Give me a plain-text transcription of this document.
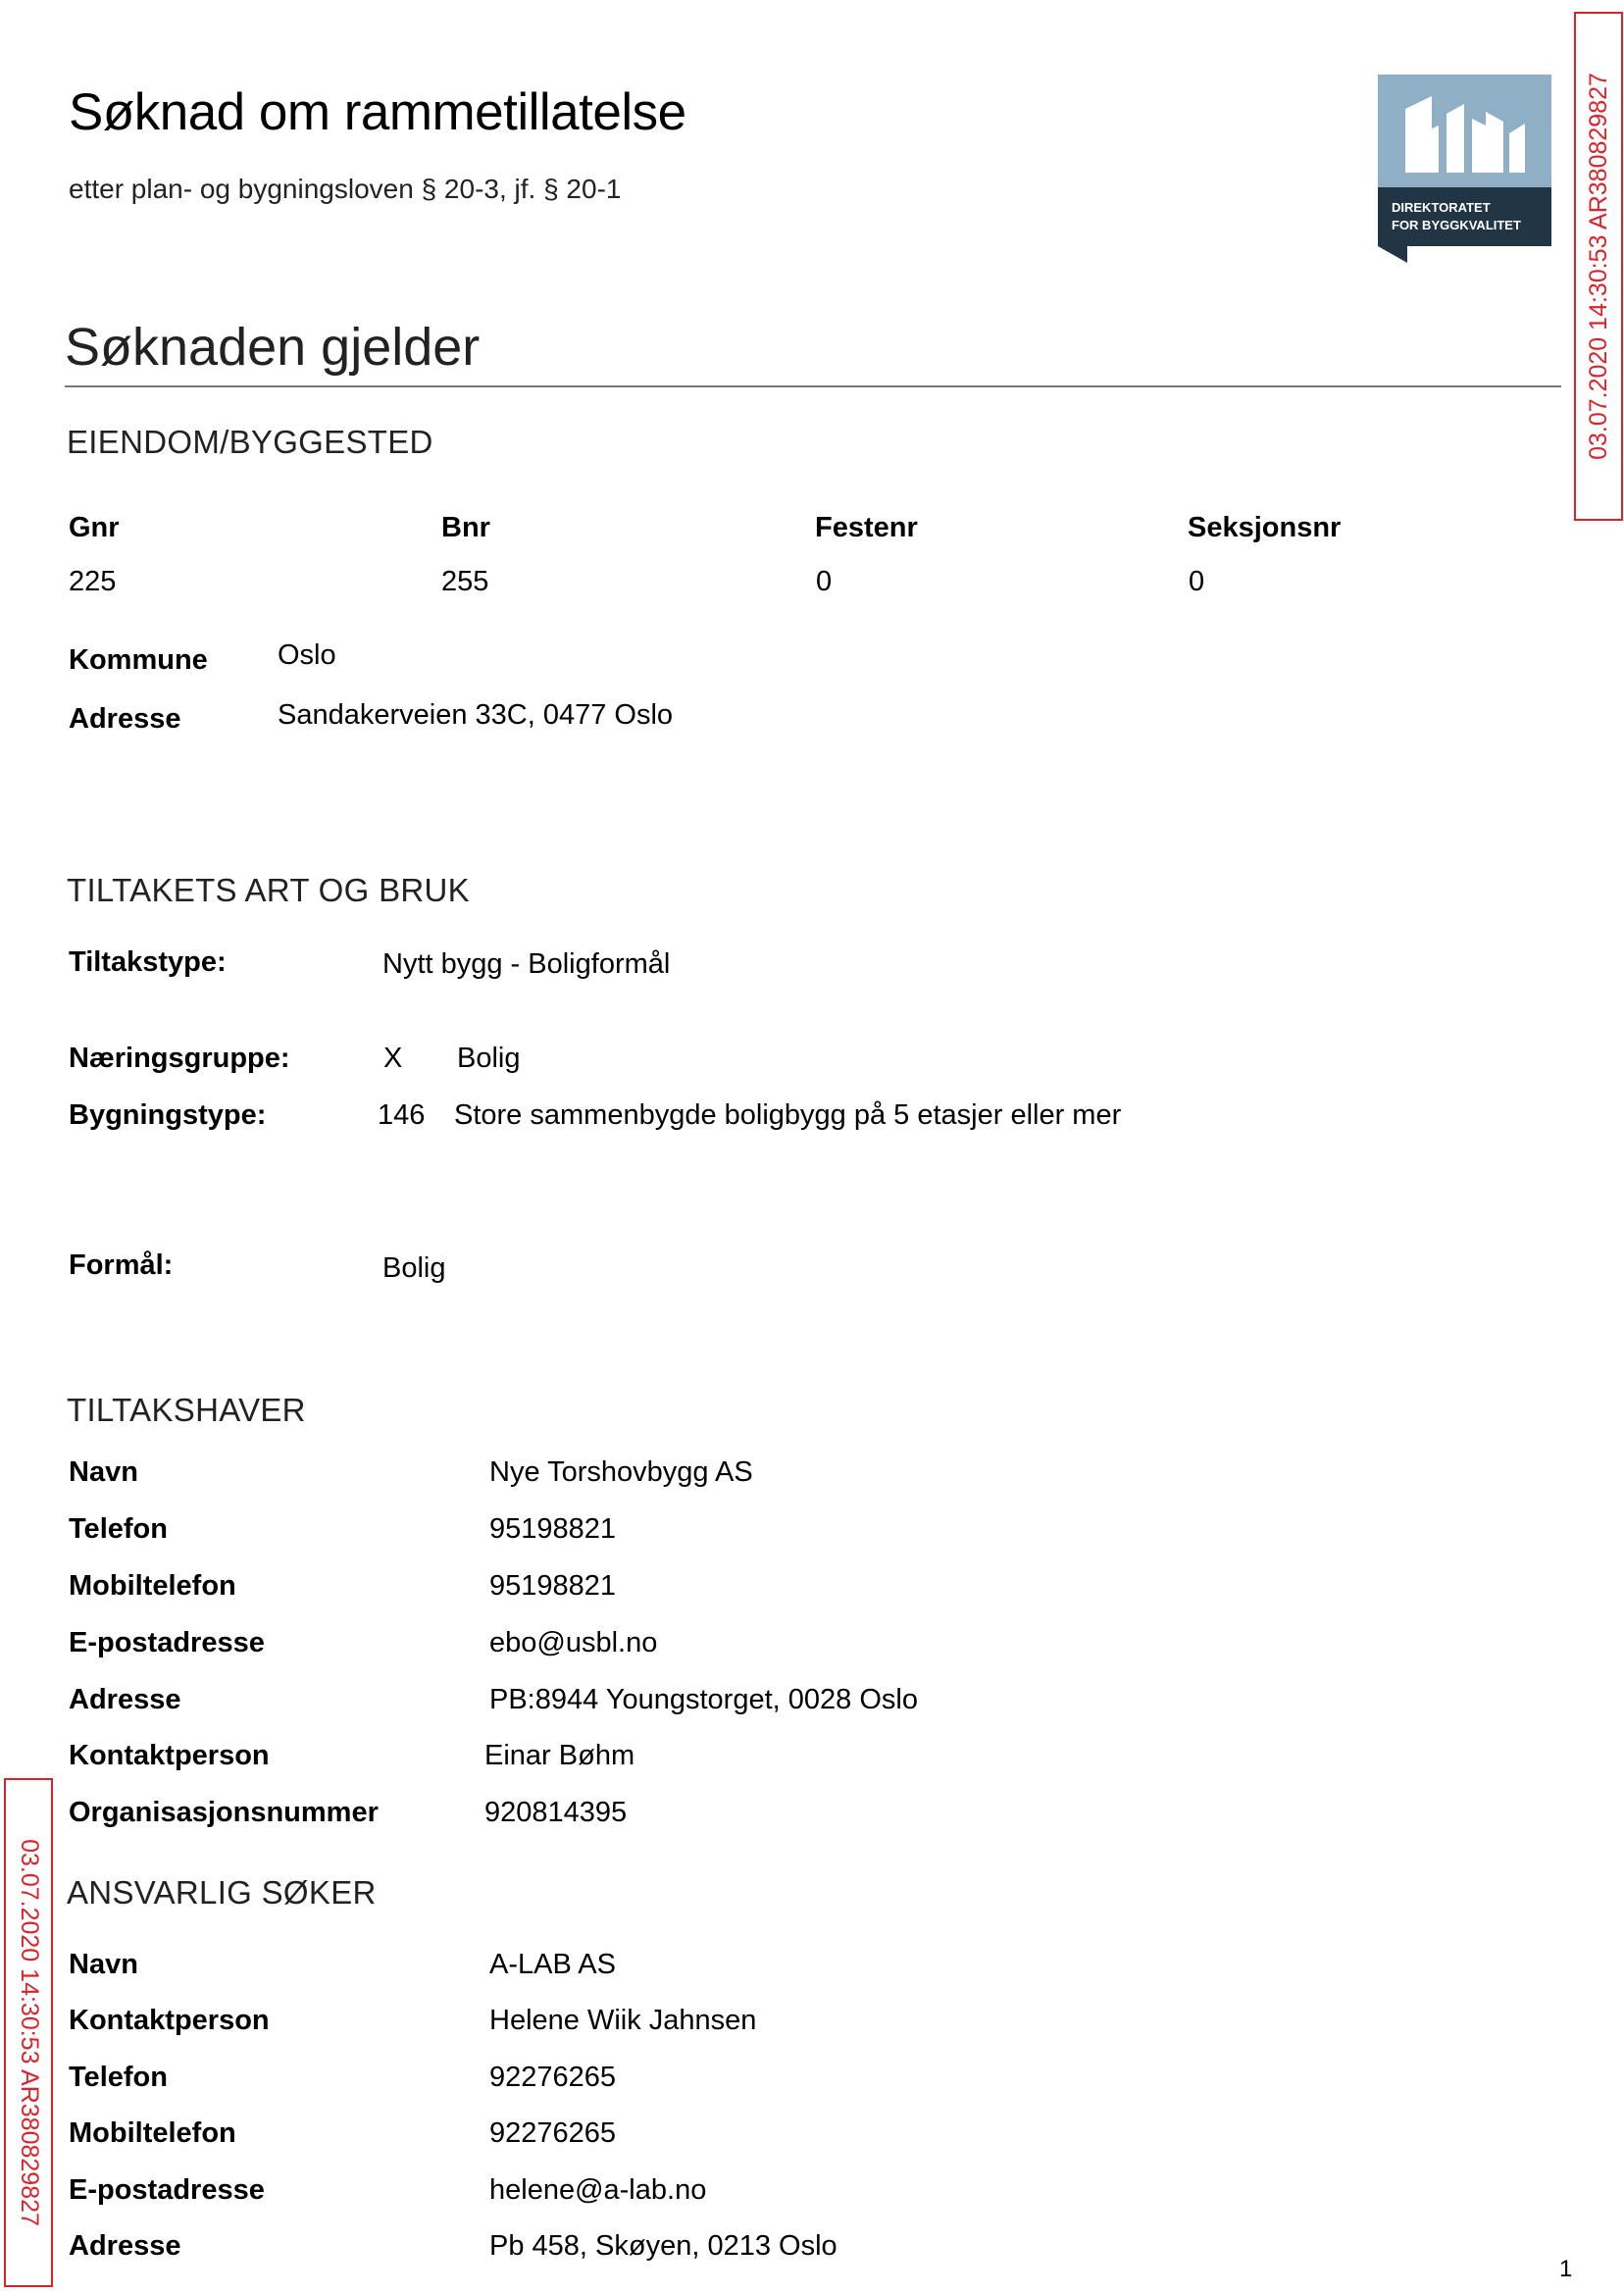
Søknad om rammetillatelse
etter plan- og bygningsloven § 20-3, jf. § 20-1
DIREKTORATET
FOR BYGGKVALITET
Søknaden gjelder
EIENDOM/BYGGESTED
Gnr	Bnr	Festenr	Seksjonsnr
225	255	0	0
Kommune Oslo
Adresse	Sandakerveien 33C, 0477 Oslo
TILTAKETS ART OG BRUK
Tiltakstype:	Nytt bygg - Boligformål
Næringsgruppe:	X Bolig
Bygningstype:	146 Store sammenbygde boligbygg på 5 etasjer eller mer
Formål:	Bolig
TILTAKSHAVER
Navn	Nye Torshovbygg AS
Telefon	95198821
Mobiltelefon	95198821
E-postadresse	ebo@usbl.no
Adresse	PB:8944 Youngstorget, 0028 Oslo
Kontaktperson	Einar Bøhm
Organisasjonsnummer	920814395
ANSVARLIG SØKER
Navn	A-LAB AS
Kontaktperson	Helene Wiik Jahnsen
Telefon	92276265
Mobiltelefon	92276265
E-postadresse	helene@a-lab.no
Adresse	Pb 458, Skøyen, 0213 Oslo
03.07.2020 14:30:53 AR380829827
03.07.2020 14:30:53 AR380829827
1
